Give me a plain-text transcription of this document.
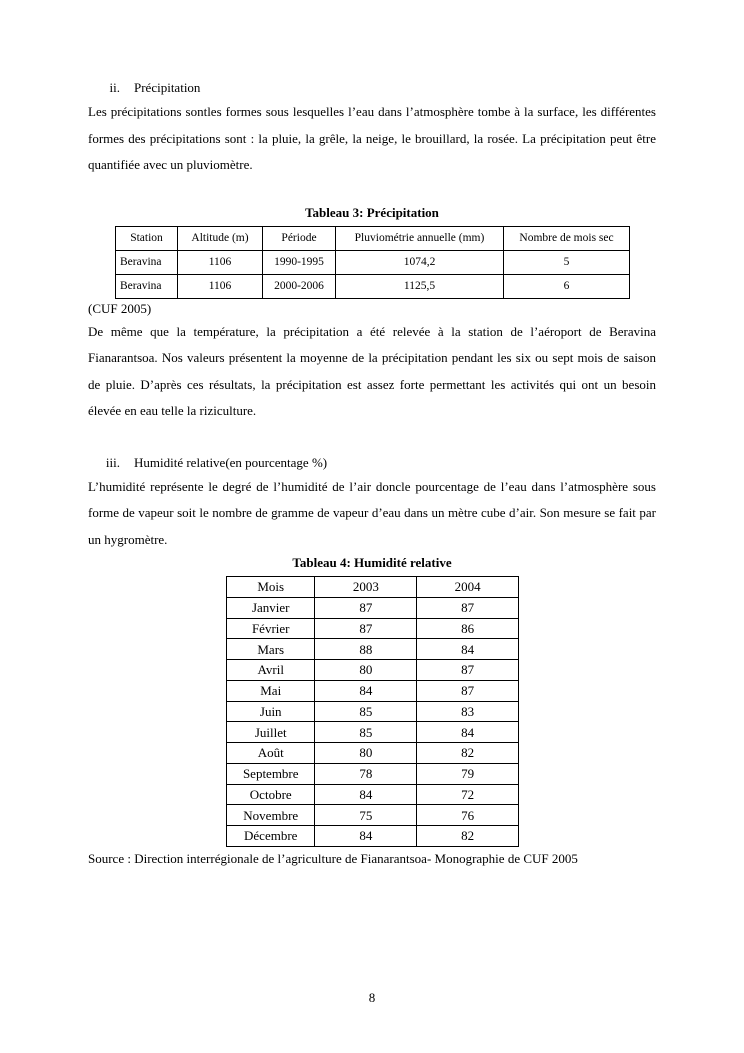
ii. Précipitation

Les précipitations sontles formes sous lesquelles l’eau dans l’atmosphère tombe à la surface, les différentes formes des précipitations sont : la pluie, la grêle, la neige, le brouillard, la rosée. La précipitation peut être quantifiée avec un pluviomètre.

Tableau 3: Précipitation

Station	Altitude (m)	Période	Pluviométrie annuelle (mm)	Nombre de mois sec
Beravina	1106	1990-1995	1074,2	5
Beravina	1106	2000-2006	1125,5	6

(CUF 2005)

De même que la température, la précipitation a été relevée à la station de l’aéroport de Beravina Fianarantsoa. Nos valeurs présentent la moyenne de la précipitation pendant les six ou sept mois de saison de pluie. D’après ces résultats, la précipitation est assez forte permettant les activités qui ont un besoin élevée en eau telle la riziculture.

iii. Humidité relative(en pourcentage %)

L’humidité représente le degré de l’humidité de l’air doncle pourcentage de l’eau dans l’atmosphère sous forme de vapeur soit le nombre de gramme de vapeur d’eau dans un mètre cube d’air. Son mesure se fait par un hygromètre.

Tableau 4: Humidité relative

Mois	2003	2004
Janvier	87	87
Février	87	86
Mars	88	84
Avril	80	87
Mai	84	87
Juin	85	83
Juillet	85	84
Août	80	82
Septembre	78	79
Octobre	84	72
Novembre	75	76
Décembre	84	82

Source : Direction interrégionale de l’agriculture de Fianarantsoa- Monographie de CUF 2005

8
